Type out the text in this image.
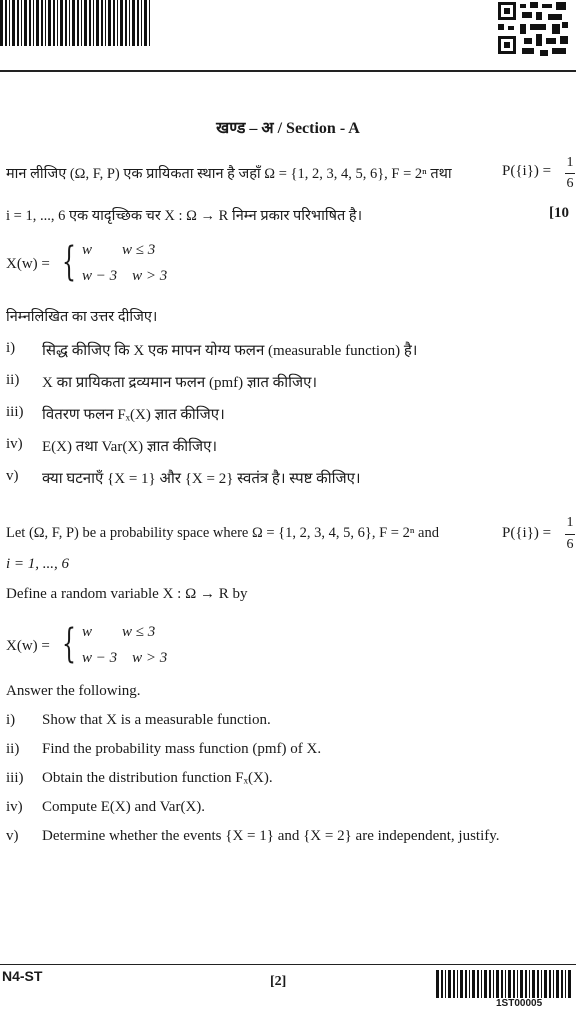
खण्ड – अ / Section - A
मान लीजिए (Ω, F, P) एक प्रायिकता स्थान है जहाँ Ω = {1, 2, 3, 4, 5, 6}, F = 2ⁿ तथा	P({i}) =
1
6
i = 1, ..., 6 एक यादृच्छिक चर X : Ω → R निम्न प्रकार परिभाषित है।	[10
X(w) = { w        w ≤ 3
w − 3    w > 3
निम्नलिखित का उत्तर दीजिए।
i) सिद्ध कीजिए कि X एक मापन योग्य फलन (measurable function) है।
ii) X का प्रायिकता द्रव्यमान फलन (pmf) ज्ञात कीजिए।
iii) वितरण फलन Fₓ(X) ज्ञात कीजिए।
iv) E(X) तथा Var(X) ज्ञात कीजिए।
v) क्या घटनाएँ {X = 1} और {X = 2} स्वतंत्र है। स्पष्ट कीजिए।
Let (Ω, F, P) be a probability space where Ω = {1, 2, 3, 4, 5, 6}, F = 2ⁿ and	P({i}) =
1
6
i = 1, ..., 6
Define a random variable X : Ω → R by
X(w) = { w        w ≤ 3
w − 3    w > 3
Answer the following.
i) Show that X is a measurable function.
ii) Find the probability mass function (pmf) of X.
iii) Obtain the distribution function Fₓ(X).
iv) Compute E(X) and Var(X).
v) Determine whether the events {X = 1} and {X = 2} are independent, justify.
N4-ST	[2]
1ST00005
